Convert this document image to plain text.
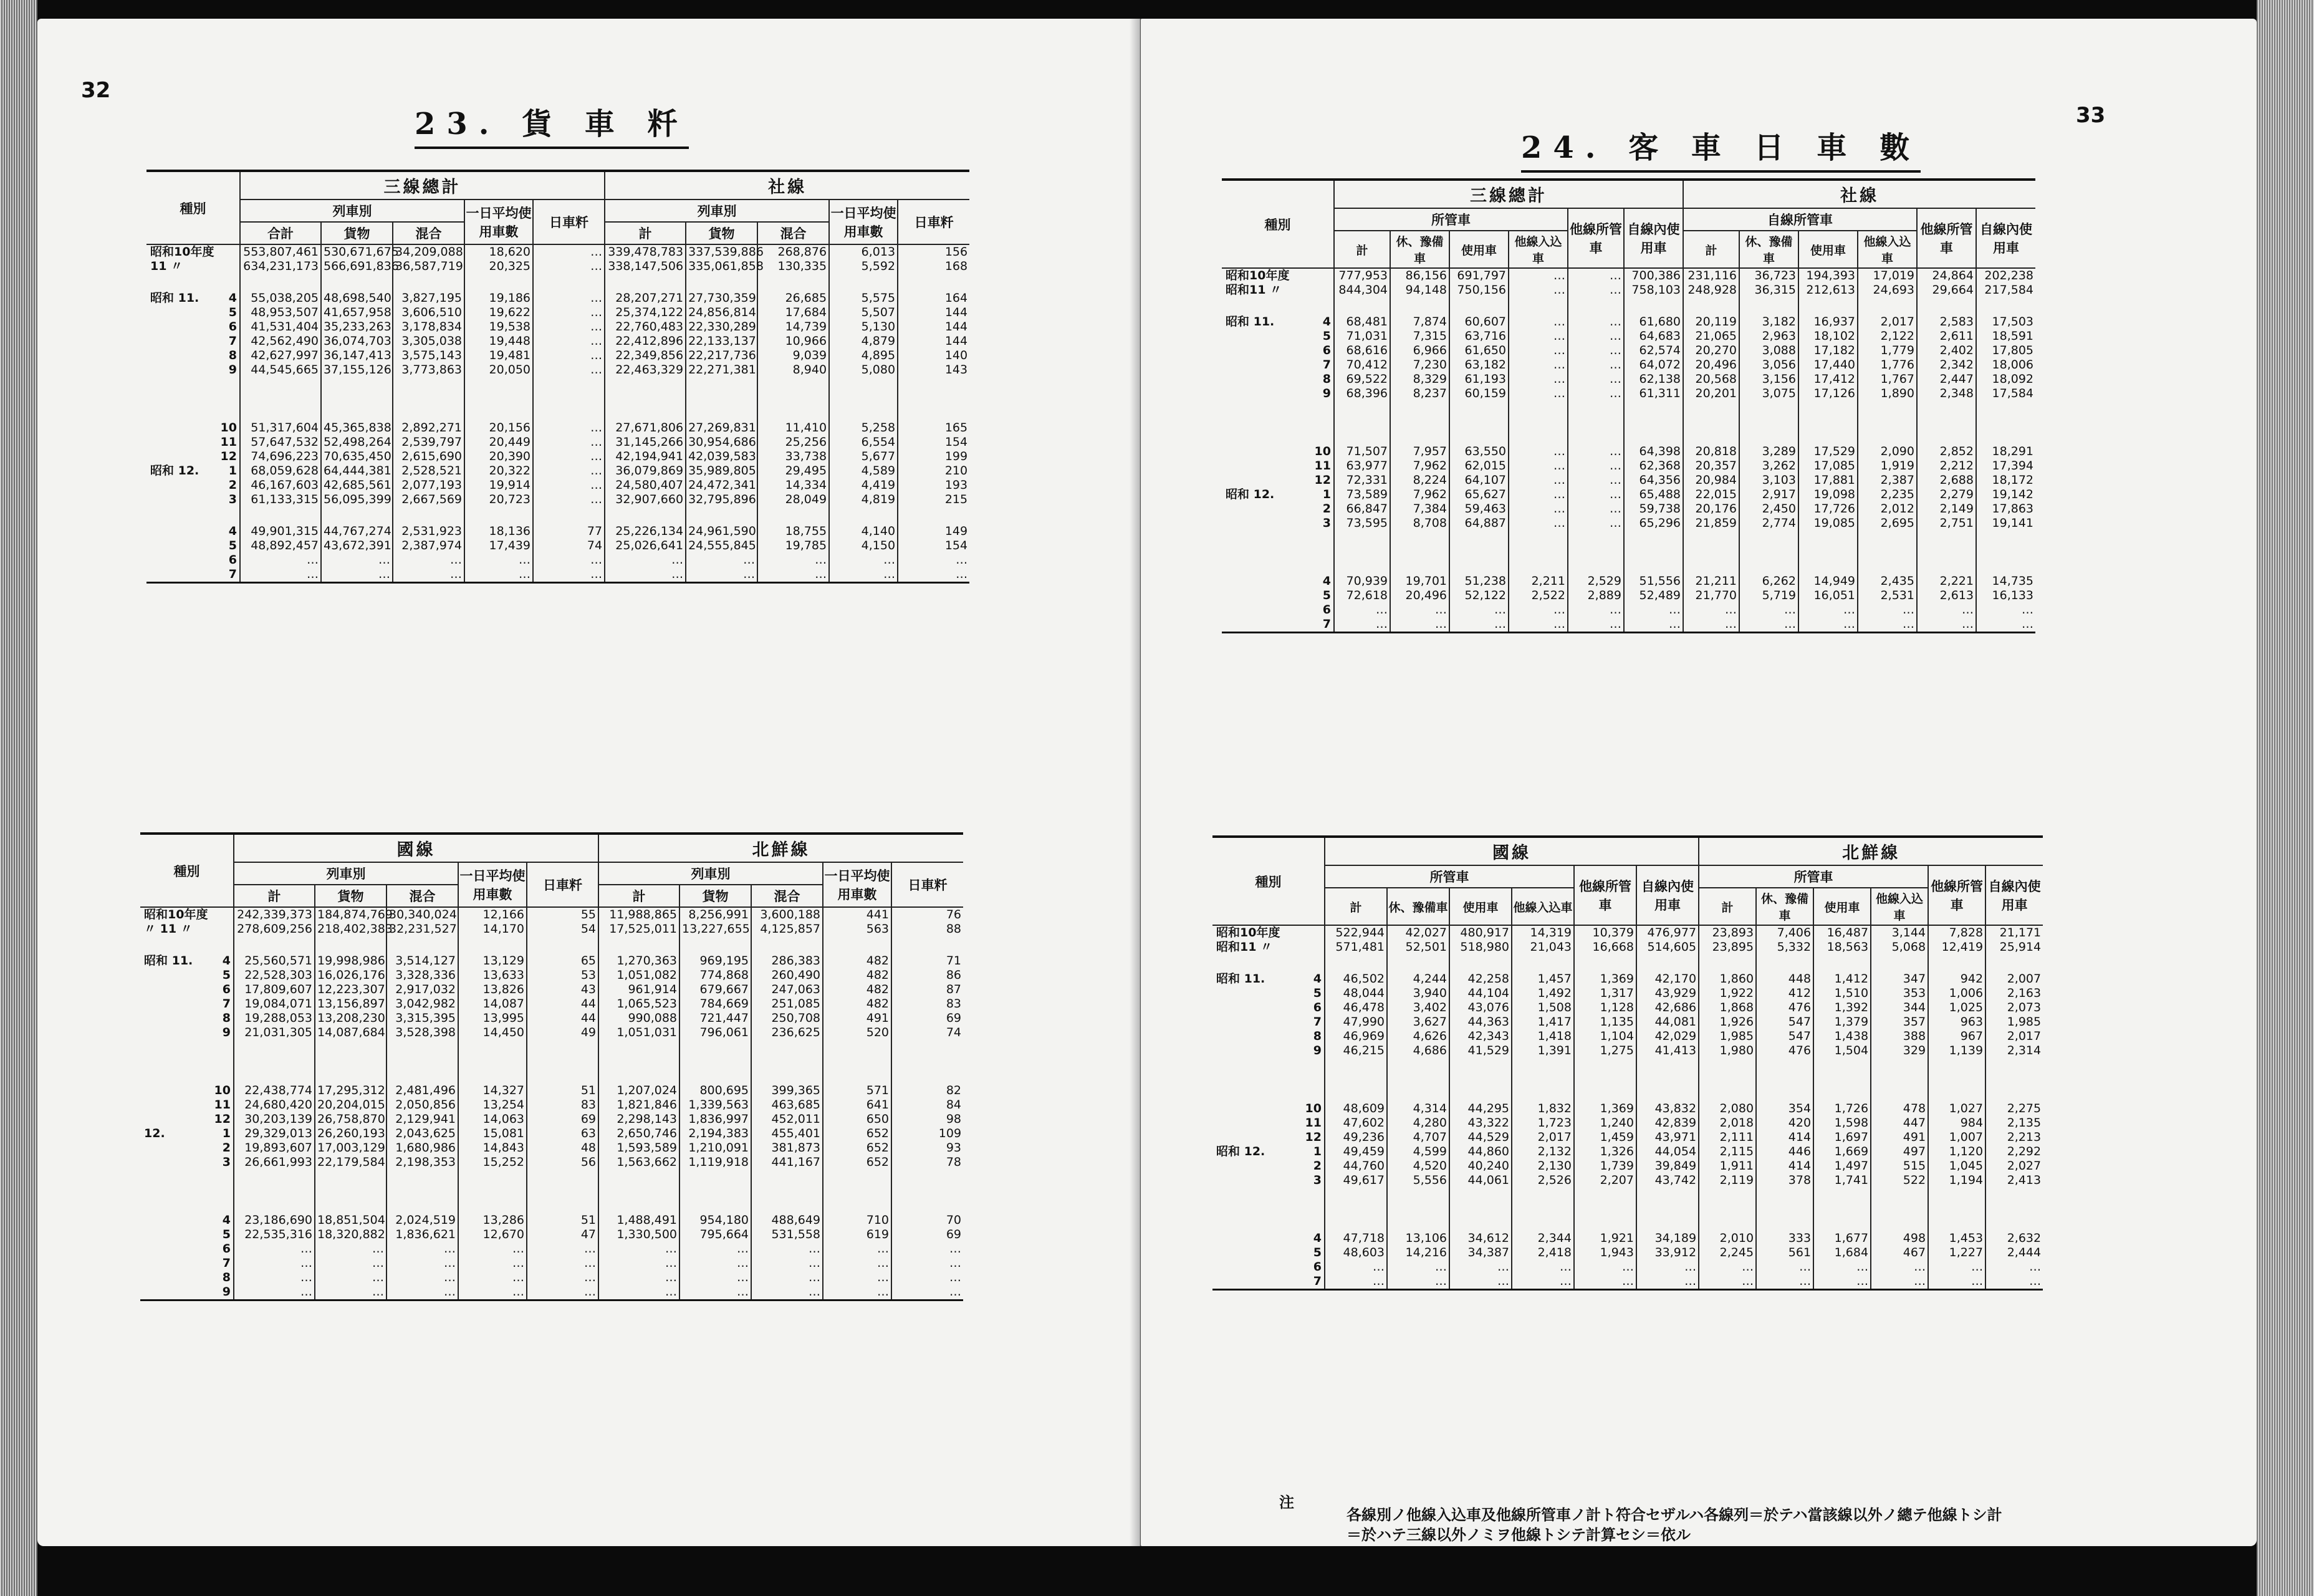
32
23. 貨 車 粁
種別		三線總計					社線				
		列車別			一日平均使用車數	日車粁	列車別			一日平均使用車數	日車粁
		合計	貨物	混合			計	貨物	混合		
昭和10年度		553,807,461	530,671,675	34,209,088	18,620	…	339,478,783	337,539,886	268,876	6,013	156
11 〃		634,231,173	566,691,836	36,587,719	20,325	…	338,147,506	335,061,858	130,335	5,592	168

昭和 11.	4	55,038,205	48,698,540	3,827,195	19,186	…	28,207,271	27,730,359	26,685	5,575	164
	5	48,953,507	41,657,958	3,606,510	19,622	…	25,374,122	24,856,814	17,684	5,507	144
	6	41,531,404	35,233,263	3,178,834	19,538	…	22,760,483	22,330,289	14,739	5,130	144
	7	42,562,490	36,074,703	3,305,038	19,448	…	22,412,896	22,133,137	10,966	4,879	144
	8	42,627,997	36,147,413	3,575,143	19,481	…	22,349,856	22,217,736	9,039	4,895	140
	9	44,545,665	37,155,126	3,773,863	20,050	…	22,463,329	22,271,381	8,940	5,080	143

	10	51,317,604	45,365,838	2,892,271	20,156	…	27,671,806	27,269,831	11,410	5,258	165
	11	57,647,532	52,498,264	2,539,797	20,449	…	31,145,266	30,954,686	25,256	6,554	154
	12	74,696,223	70,635,450	2,615,690	20,390	…	42,194,941	42,039,583	33,738	5,677	199
昭和 12.	1	68,059,628	64,444,381	2,528,521	20,322	…	36,079,869	35,989,805	29,495	4,589	210
	2	46,167,603	42,685,561	2,077,193	19,914	…	24,580,407	24,472,341	14,334	4,419	193
	3	61,133,315	56,095,399	2,667,569	20,723	…	32,907,660	32,795,896	28,049	4,819	215

	4	49,901,315	44,767,274	2,531,923	18,136	77	25,226,134	24,961,590	18,755	4,140	149
	5	48,892,457	43,672,391	2,387,974	17,439	74	25,026,641	24,555,845	19,785	4,150	154
	6	…	…	…	…	…	…	…	…	…	…
	7	…	…	…	…	…	…	…	…	…	…
種別		國線					北鮮線				
		列車別			一日平均使用車數	日車粁	列車別			一日平均使用車數	日車粁
		計	貨物	混合			計	貨物	混合		
昭和10年度		242,339,373	184,874,769	30,340,024	12,166	55	11,988,865	8,256,991	3,600,188	441	76
〃 11 〃		278,609,256	218,402,383	32,231,527	14,170	54	17,525,011	13,227,655	4,125,857	563	88

昭和 11.	4	25,560,571	19,998,986	3,514,127	13,129	65	1,270,363	969,195	286,383	482	71
	5	22,528,303	16,026,176	3,328,336	13,633	53	1,051,082	774,868	260,490	482	86
	6	17,809,607	12,223,307	2,917,032	13,826	43	961,914	679,667	247,063	482	87
	7	19,084,071	13,156,897	3,042,982	14,087	44	1,065,523	784,669	251,085	482	83
	8	19,288,053	13,208,230	3,315,395	13,995	44	990,088	721,447	250,708	491	69
	9	21,031,305	14,087,684	3,528,398	14,450	49	1,051,031	796,061	236,625	520	74

	10	22,438,774	17,295,312	2,481,496	14,327	51	1,207,024	800,695	399,365	571	82
	11	24,680,420	20,204,015	2,050,856	13,254	83	1,821,846	1,339,563	463,685	641	84
	12	30,203,139	26,758,870	2,129,941	14,063	69	2,298,143	1,836,997	452,011	650	98
12.	1	29,329,013	26,260,193	2,043,625	15,081	63	2,650,746	2,194,383	455,401	652	109
	2	19,893,607	17,003,129	1,680,986	14,843	48	1,593,589	1,210,091	381,873	652	93
	3	26,661,993	22,179,584	2,198,353	15,252	56	1,563,662	1,119,918	441,167	652	78

	4	23,186,690	18,851,504	2,024,519	13,286	51	1,488,491	954,180	488,649	710	70
	5	22,535,316	18,320,882	1,836,621	12,670	47	1,330,500	795,664	531,558	619	69
	6	…	…	…	…	…	…	…	…	…	…
	7	…	…	…	…	…	…	…	…	…	…
	8	…	…	…	…	…	…	…	…	…	…
	9	…	…	…	…	…	…	…	…	…	…
33
24. 客 車 日 車 數
種別		三線總計						社線					
		所管車				他線所管車	自線內使用車	自線所管車				他線所管車	自線內使用車
		計	休、豫備車	使用車	他線入込車			計	休、豫備車	使用車	他線入込車		
昭和10年度		777,953	86,156	691,797	…	…	700,386	231,116	36,723	194,393	17,019	24,864	202,238
昭和11 〃		844,304	94,148	750,156	…	…	758,103	248,928	36,315	212,613	24,693	29,664	217,584

昭和 11.	4	68,481	7,874	60,607	…	…	61,680	20,119	3,182	16,937	2,017	2,583	17,503
	5	71,031	7,315	63,716	…	…	64,683	21,065	2,963	18,102	2,122	2,611	18,591
	6	68,616	6,966	61,650	…	…	62,574	20,270	3,088	17,182	1,779	2,402	17,805
	7	70,412	7,230	63,182	…	…	64,072	20,496	3,056	17,440	1,776	2,342	18,006
	8	69,522	8,329	61,193	…	…	62,138	20,568	3,156	17,412	1,767	2,447	18,092
	9	68,396	8,237	60,159	…	…	61,311	20,201	3,075	17,126	1,890	2,348	17,584

	10	71,507	7,957	63,550	…	…	64,398	20,818	3,289	17,529	2,090	2,852	18,291
	11	63,977	7,962	62,015	…	…	62,368	20,357	3,262	17,085	1,919	2,212	17,394
	12	72,331	8,224	64,107	…	…	64,356	20,984	3,103	17,881	2,387	2,688	18,172
昭和 12.	1	73,589	7,962	65,627	…	…	65,488	22,015	2,917	19,098	2,235	2,279	19,142
	2	66,847	7,384	59,463	…	…	59,738	20,176	2,450	17,726	2,012	2,149	17,863
	3	73,595	8,708	64,887	…	…	65,296	21,859	2,774	19,085	2,695	2,751	19,141

	4	70,939	19,701	51,238	2,211	2,529	51,556	21,211	6,262	14,949	2,435	2,221	14,735
	5	72,618	20,496	52,122	2,522	2,889	52,489	21,770	5,719	16,051	2,531	2,613	16,133
	6	…	…	…	…	…	…	…	…	…	…	…	…
	7	…	…	…	…	…	…	…	…	…	…	…	…
種別		國線						北鮮線					
		所管車				他線所管車	自線內使用車	所管車				他線所管車	自線內使用車
		計	休、豫備車	使用車	他線入込車			計	休、豫備車	使用車	他線入込車		
昭和10年度		522,944	42,027	480,917	14,319	10,379	476,977	23,893	7,406	16,487	3,144	7,828	21,171
昭和11 〃		571,481	52,501	518,980	21,043	16,668	514,605	23,895	5,332	18,563	5,068	12,419	25,914

昭和 11.	4	46,502	4,244	42,258	1,457	1,369	42,170	1,860	448	1,412	347	942	2,007
	5	48,044	3,940	44,104	1,492	1,317	43,929	1,922	412	1,510	353	1,006	2,163
	6	46,478	3,402	43,076	1,508	1,128	42,686	1,868	476	1,392	344	1,025	2,073
	7	47,990	3,627	44,363	1,417	1,135	44,081	1,926	547	1,379	357	963	1,985
	8	46,969	4,626	42,343	1,418	1,104	42,029	1,985	547	1,438	388	967	2,017
	9	46,215	4,686	41,529	1,391	1,275	41,413	1,980	476	1,504	329	1,139	2,314

	10	48,609	4,314	44,295	1,832	1,369	43,832	2,080	354	1,726	478	1,027	2,275
	11	47,602	4,280	43,322	1,723	1,240	42,839	2,018	420	1,598	447	984	2,135
	12	49,236	4,707	44,529	2,017	1,459	43,971	2,111	414	1,697	491	1,007	2,213
昭和 12.	1	49,459	4,599	44,860	2,132	1,326	44,054	2,115	446	1,669	497	1,120	2,292
	2	44,760	4,520	40,240	2,130	1,739	39,849	1,911	414	1,497	515	1,045	2,027
	3	49,617	5,556	44,061	2,526	2,207	43,742	2,119	378	1,741	522	1,194	2,413

	4	47,718	13,106	34,612	2,344	1,921	34,189	2,010	333	1,677	498	1,453	2,632
	5	48,603	14,216	34,387	2,418	1,943	33,912	2,245	561	1,684	467	1,227	2,444
	6	…	…	…	…	…	…	…	…	…	…	…	…
	7	…	…	…	…	…	…	…	…	…	…	…	…
注
各線別ノ他線入込車及他線所管車ノ計ト符合セザルハ各線列＝於テハ當該線以外ノ總テ他線トシ計
＝於ハテ三線以外ノミヲ他線トシテ計算セシ＝依ル
